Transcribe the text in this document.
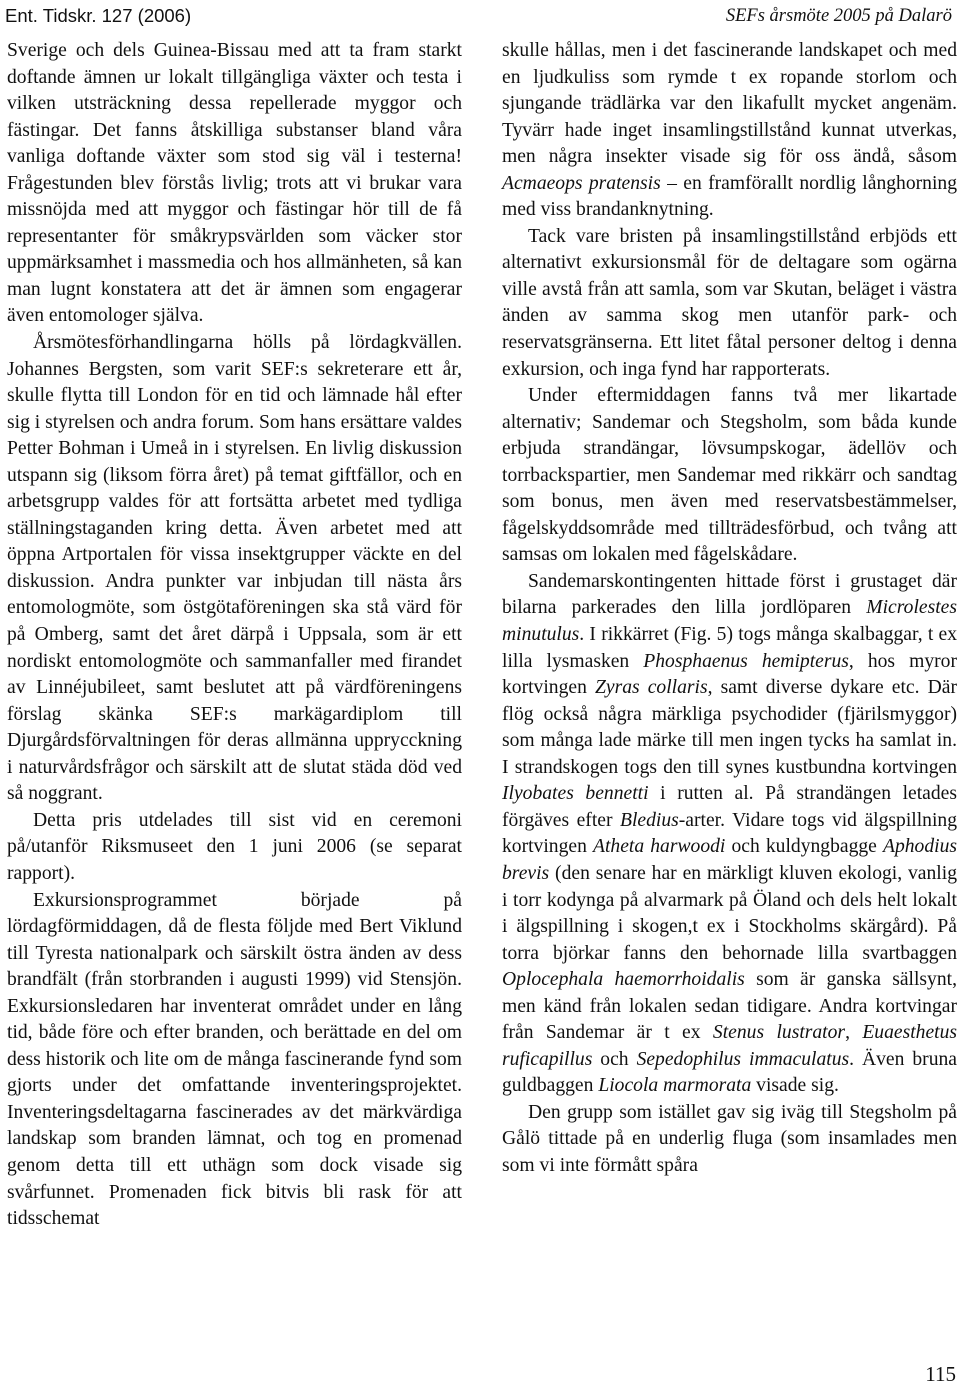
Ent. Tidskr. 127 (2006)	SEFs årsmöte 2005 på Dalarö

Sverige och dels Guinea-Bissau med att ta fram starkt doftande ämnen ur lokalt tillgängliga växter och testa i vilken utsträckning dessa repellerade myggor och fästingar. Det fanns åtskilliga substanser bland våra vanliga doftande växter som stod sig väl i testerna! Frågestunden blev förstås livlig; trots att vi brukar vara missnöjda med att myggor och fästingar hör till de få representanter för småkrypsvärlden som väcker stor uppmärksamhet i massmedia och hos allmänheten, så kan man lugnt konstatera att det är ämnen som engagerar även entomologer själva.

Årsmötesförhandlingarna hölls på lördagkvällen. Johannes Bergsten, som varit SEF:s sekreterare ett år, skulle flytta till London för en tid och lämnade hål efter sig i styrelsen och andra forum. Som hans ersättare valdes Petter Bohman i Umeå in i styrelsen. En livlig diskussion utspann sig (liksom förra året) på temat giftfällor, och en arbetsgrupp valdes för att fortsätta arbetet med tydliga ställningstaganden kring detta. Även arbetet med att öppna Artportalen för vissa insektgrupper väckte en del diskussion. Andra punkter var inbjudan till nästa års entomologmöte, som östgötaföreningen ska stå värd för på Omberg, samt det året därpå i Uppsala, som är ett nordiskt entomologmöte och sammanfaller med firandet av Linnéjubileet, samt beslutet att på värdföreningens förslag skänka SEF:s markägardiplom till Djurgårdsförvaltningen för deras allmänna upprycckning i naturvårdsfrågor och särskilt att de slutat städa död ved så noggrant.

Detta pris utdelades till sist vid en ceremoni på/utanför Riksmuseet den 1 juni 2006 (se separat rapport).

Exkursionsprogrammet började på lördagförmiddagen, då de flesta följde med Bert Viklund till Tyresta nationalpark och särskilt östra änden av dess brandfält (från storbranden i augusti 1999) vid Stensjön. Exkursionsledaren har inventerat området under en lång tid, både före och efter branden, och berättade en del om dess historik och lite om de många fascinerande fynd som gjorts under det omfattande inventeringsprojektet. Inventeringsdeltagarna fascinerades av det märkvärdiga landskap som branden lämnat, och tog en promenad genom detta till ett uthägn som dock visade sig svårfunnet. Promenaden fick bitvis bli rask för att tidsschemat

skulle hållas, men i det fascinerande landskapet och med en ljudkuliss som rymde t ex ropande storlom och sjungande trädlärka var den likafullt mycket angenäm. Tyvärr hade inget insamlingstillstånd kunnat utverkas, men några insekter visade sig för oss ändå, såsom Acmaeops pratensis – en framförallt nordlig långhorning med viss brandanknytning.

Tack vare bristen på insamlingstillstånd erbjöds ett alternativt exkursionsmål för de deltagare som ogärna ville avstå från att samla, som var Skutan, beläget i västra änden av samma skog men utanför park- och reservatsgränserna. Ett litet fåtal personer deltog i denna exkursion, och inga fynd har rapporterats.

Under eftermiddagen fanns två mer likartade alternativ; Sandemar och Stegsholm, som båda kunde erbjuda strandängar, lövsumpskogar, ädellöv och torrbackspartier, men Sandemar med rikkärr och sandtag som bonus, men även med reservatsbestämmelser, fågelskyddsområde med tillträdesförbud, och tvång att samsas om lokalen med fågelskådare.

Sandemarskontingenten hittade först i grustaget där bilarna parkerades den lilla jordlöparen Microlestes minutulus. I rikkärret (Fig. 5) togs många skalbaggar, t ex lilla lysmasken Phosphaenus hemipterus, hos myror kortvingen Zyras collaris, samt diverse dykare etc. Där flög också några märkliga psychodider (fjärilsmyggor) som många lade märke till men ingen tycks ha samlat in. I strandskogen togs den till synes kustbundna kortvingen Ilyobates bennetti i rutten al. På strandängen letades förgäves efter Bledius-arter. Vidare togs vid älgspillning kortvingen Atheta harwoodi och kuldyngbagge Aphodius brevis (den senare har en märkligt kluven ekologi, vanlig i torr kodynga på alvarmark på Öland och dels helt lokalt i älgspillning i skogen,t ex i Stockholms skärgård). På torra björkar fanns den behornade lilla svartbaggen Oplocephala haemorrhoidalis som är ganska sällsynt, men känd från lokalen sedan tidigare. Andra kortvingar från Sandemar är t ex Stenus lustrator, Euaesthetus ruficapillus och Sepedophilus immaculatus. Även bruna guldbaggen Liocola marmorata visade sig.

Den grupp som istället gav sig iväg till Stegsholm på Gålö tittade på en underlig fluga (som insamlades men som vi inte förmått spåra

115
